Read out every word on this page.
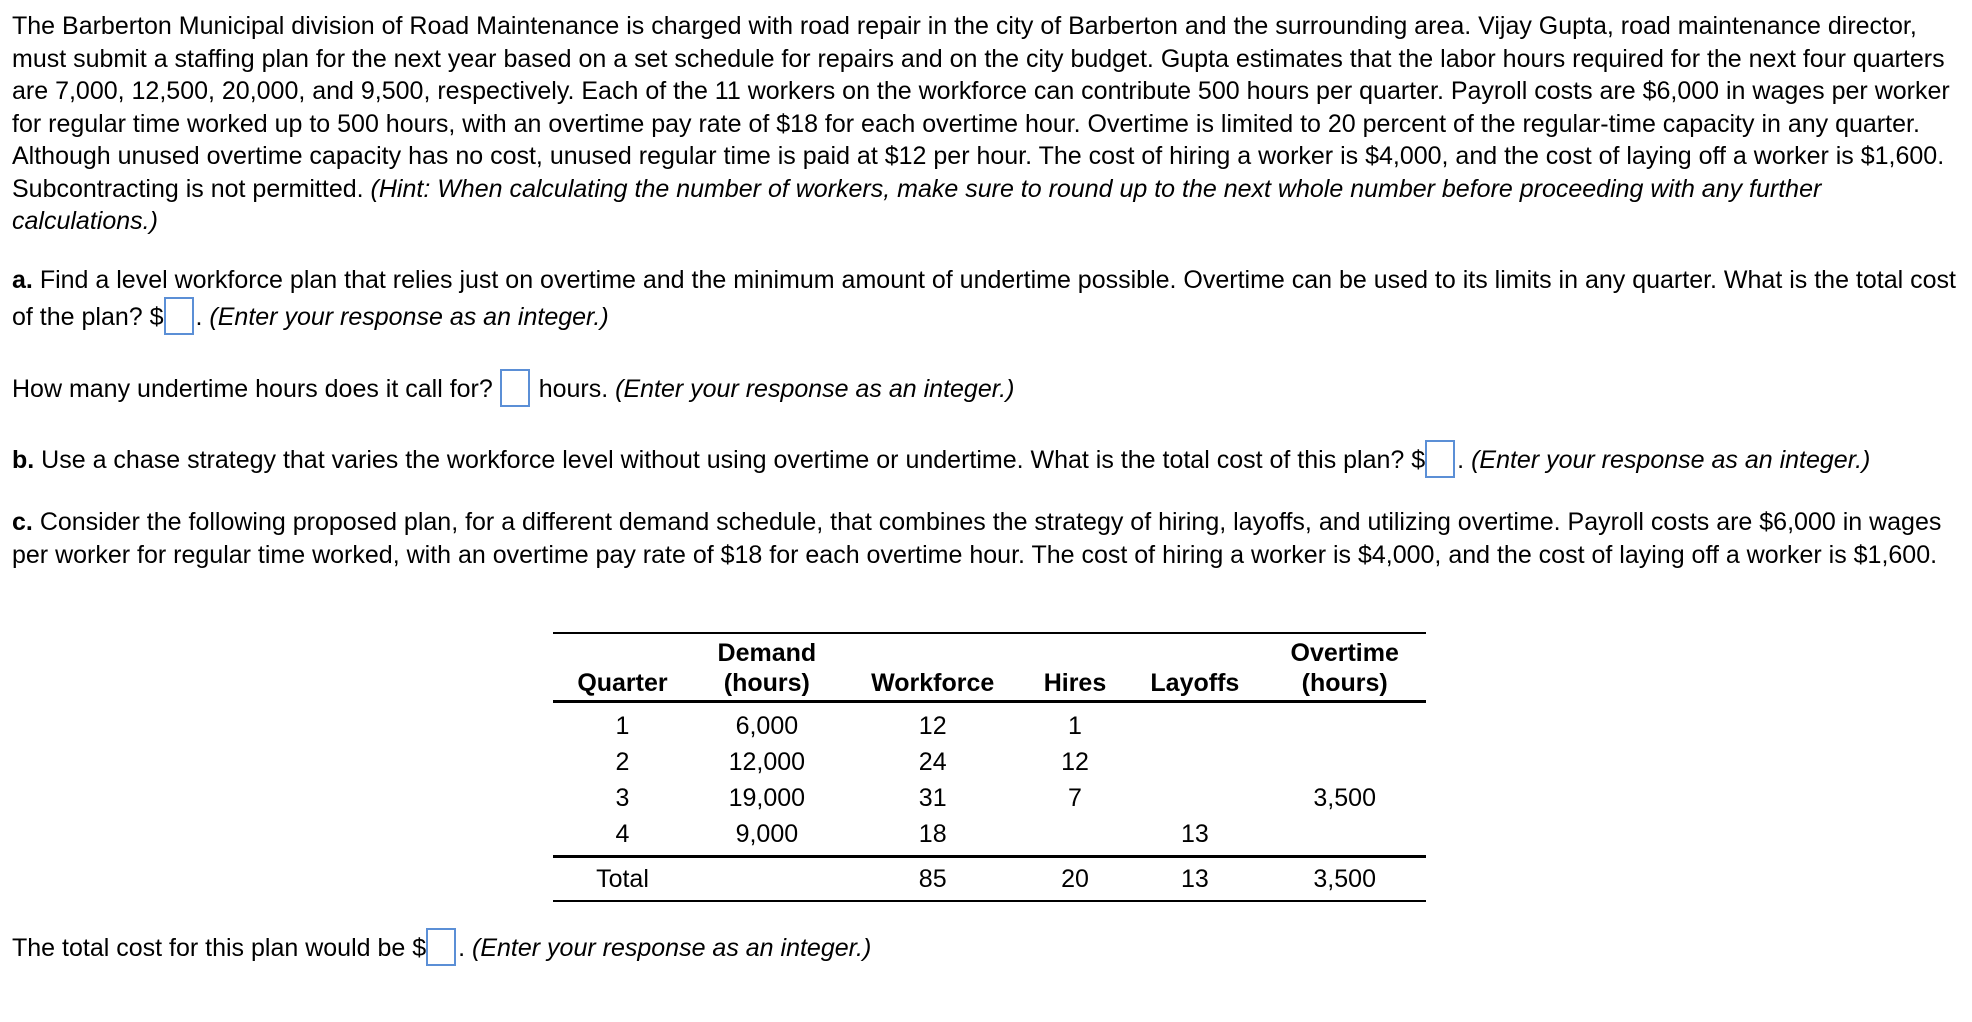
The Barberton Municipal division of Road Maintenance is charged with road repair in the city of Barberton and the surrounding area. Vijay Gupta, road maintenance director, must submit a staffing plan for the next year based on a set schedule for repairs and on the city budget. Gupta estimates that the labor hours required for the next four quarters are 7,000, 12,500, 20,000, and 9,500, respectively. Each of the 11 workers on the workforce can contribute 500 hours per quarter. Payroll costs are $6,000 in wages per worker for regular time worked up to 500 hours, with an overtime pay rate of $18 for each overtime hour. Overtime is limited to 20 percent of the regular-time capacity in any quarter. Although unused overtime capacity has no cost, unused regular time is paid at $12 per hour. The cost of hiring a worker is $4,000, and the cost of laying off a worker is $1,600. Subcontracting is not permitted. (Hint: When calculating the number of workers, make sure to round up to the next whole number before proceeding with any further calculations.)

a. Find a level workforce plan that relies just on overtime and the minimum amount of undertime possible. Overtime can be used to its limits in any quarter. What is the total cost of the plan? $ . (Enter your response as an integer.)

How many undertime hours does it call for? hours. (Enter your response as an integer.)

b. Use a chase strategy that varies the workforce level without using overtime or undertime. What is the total cost of this plan? $ . (Enter your response as an integer.)

c. Consider the following proposed plan, for a different demand schedule, that combines the strategy of hiring, layoffs, and utilizing overtime. Payroll costs are $6,000 in wages per worker for regular time worked, with an overtime pay rate of $18 for each overtime hour. The cost of hiring a worker is $4,000, and the cost of laying off a worker is $1,600.

	Demand				Overtime
Quarter	(hours)	Workforce	Hires	Layoffs	(hours)
1	6,000	12	1		
2	12,000	24	12		
3	19,000	31	7		3,500
4	9,000	18		13	
Total		85	20	13	3,500

The total cost for this plan would be $ . (Enter your response as an integer.)
